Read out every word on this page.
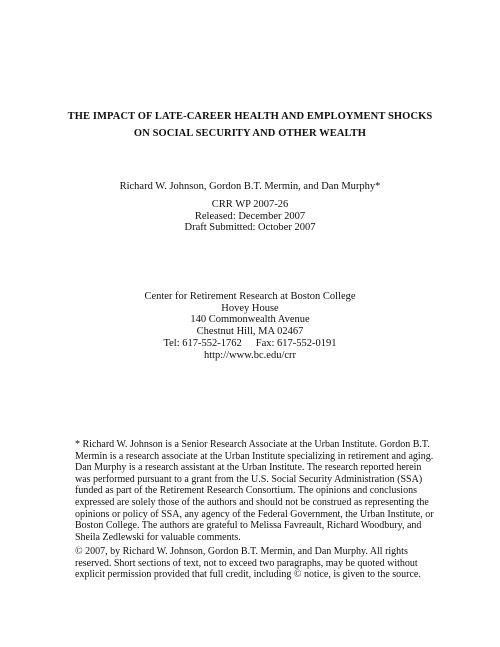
THE IMPACT OF LATE-CAREER HEALTH AND EMPLOYMENT SHOCKS
ON SOCIAL SECURITY AND OTHER WEALTH
Richard W. Johnson, Gordon B.T. Mermin, and Dan Murphy*
CRR WP 2007-26
Released: December 2007
Draft Submitted: October 2007
Center for Retirement Research at Boston College
Hovey House
140 Commonwealth Avenue
Chestnut Hill, MA 02467
Tel: 617-552-1762 Fax: 617-552-0191
http://www.bc.edu/crr
* Richard W. Johnson is a Senior Research Associate at the Urban Institute. Gordon B.T.
Mermin is a research associate at the Urban Institute specializing in retirement and aging.
Dan Murphy is a research assistant at the Urban Institute. The research reported herein
was performed pursuant to a grant from the U.S. Social Security Administration (SSA)
funded as part of the Retirement Research Consortium. The opinions and conclusions
expressed are solely those of the authors and should not be construed as representing the
opinions or policy of SSA, any agency of the Federal Government, the Urban Institute, or
Boston College. The authors are grateful to Melissa Favreault, Richard Woodbury, and
Sheila Zedlewski for valuable comments.
© 2007, by Richard W. Johnson, Gordon B.T. Mermin, and Dan Murphy. All rights
reserved. Short sections of text, not to exceed two paragraphs, may be quoted without
explicit permission provided that full credit, including © notice, is given to the source.
